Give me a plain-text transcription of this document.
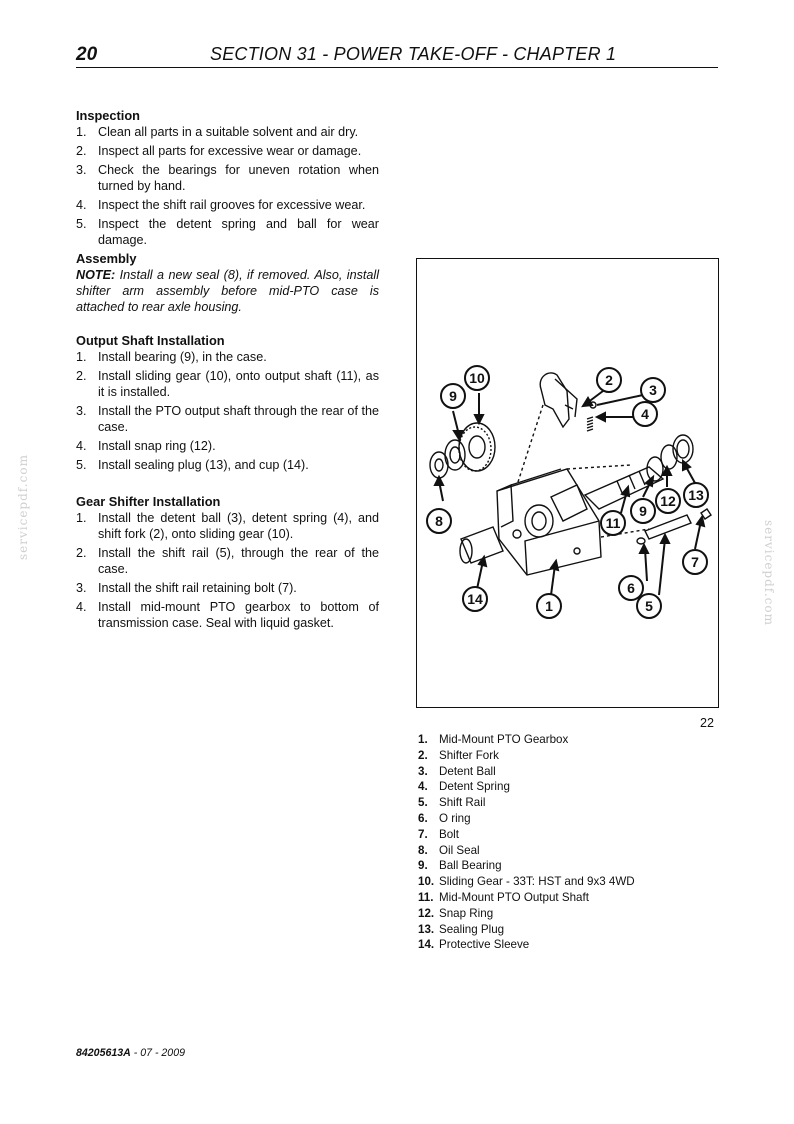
20	SECTION 31 - POWER TAKE-OFF - CHAPTER 1
servicepdf.com
servicepdf.com
Inspection
1. Clean all parts in a suitable solvent and air dry.
2. Inspect all parts for excessive wear or damage.
3. Check the bearings for uneven rotation when turned by hand.
4. Inspect the shift rail grooves for excessive wear.
5. Inspect the detent spring and ball for wear damage.
Assembly

NOTE: Install a new seal (8), if removed. Also, install shifter arm assembly before mid-PTO case is attached to rear axle housing.

Output Shaft Installation
1. Install bearing (9), in the case.
2. Install sliding gear (10), onto output shaft (11), as it is installed.
3. Install the PTO output shaft through the rear of the case.
4. Install snap ring (12).
5. Install sealing plug (13), and cup (14).
Gear Shifter Installation
1. Install the detent ball (3), detent spring (4), and shift fork (2), onto sliding gear (10).
2. Install the shift rail (5), through the rear of the case.
3. Install the shift rail retaining bolt (7).
4. Install mid-mount PTO gearbox to bottom of transmission case. Seal with liquid gasket.
10
9
2
3
4
8	11
9
12 13
7
6
5
14	1
22
1. Mid-Mount PTO Gearbox
2. Shifter Fork
3. Detent Ball
4. Detent Spring
5. Shift Rail
6. O ring
7. Bolt
8. Oil Seal
9. Ball Bearing
10. Sliding Gear - 33T: HST and 9x3 4WD
11. Mid-Mount PTO Output Shaft
12. Snap Ring
13. Sealing Plug
14. Protective Sleeve
84205613A - 07 - 2009
